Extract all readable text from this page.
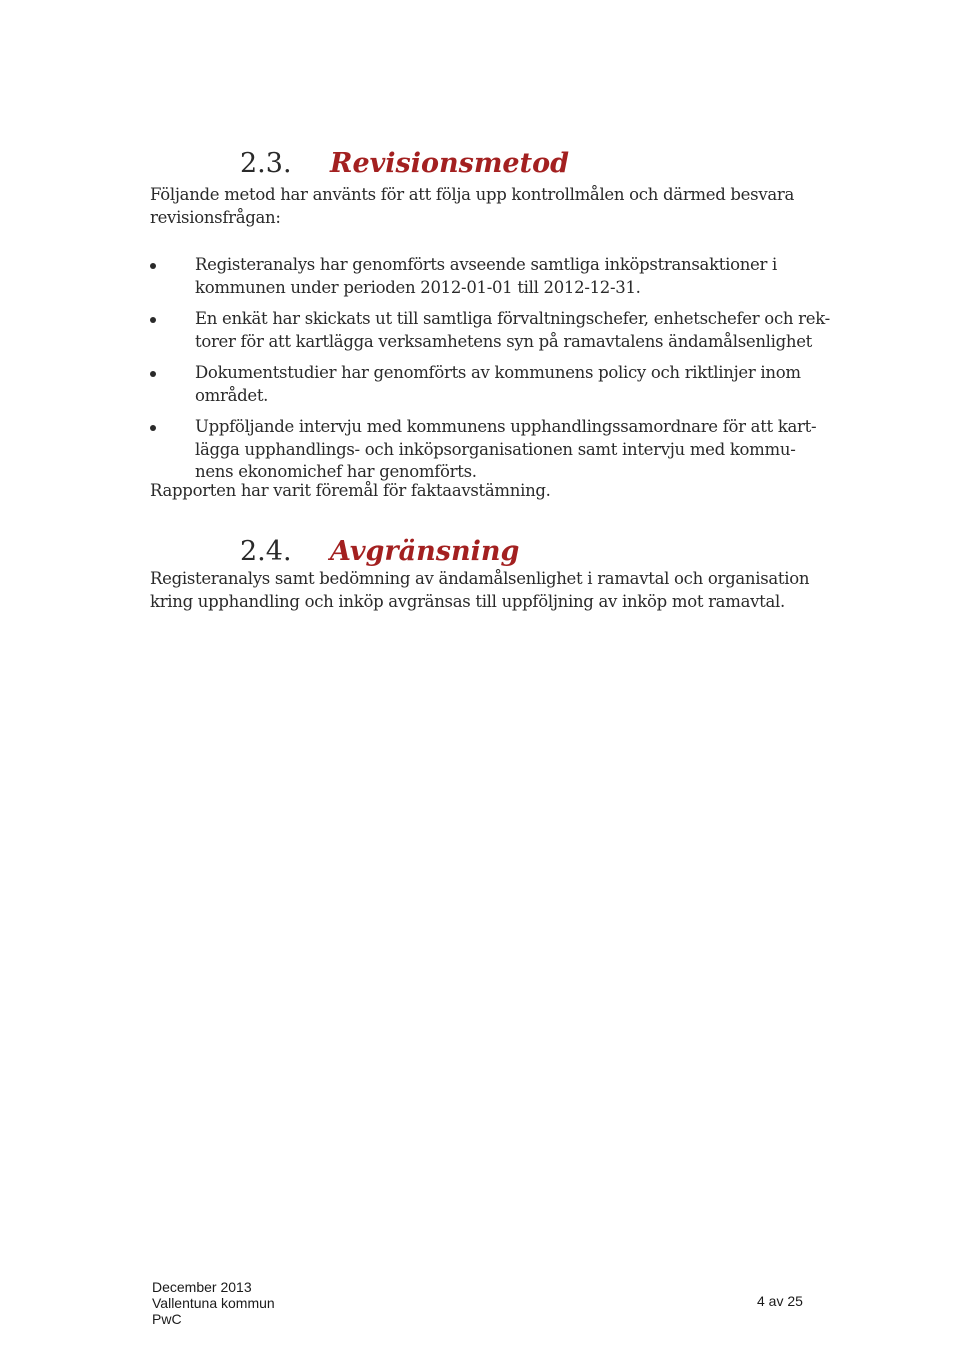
2.3. Revisionsmetod

Följande metod har använts för att följa upp kontrollmålen och därmed besvara revisionsfrågan:

Registeranalys har genomförts avseende samtliga inköpstransaktioner i kommunen under perioden 2012-01-01 till 2012-12-31.
En enkät har skickats ut till samtliga förvaltningschefer, enhetschefer och rek-torer för att kartlägga verksamhetens syn på ramavtalens ändamålsenlighet
Dokumentstudier har genomförts av kommunens policy och riktlinjer inom området.
Uppföljande intervju med kommunens upphandlingssamordnare för att kart-lägga upphandlings- och inköpsorganisationen samt intervju med kommu-nens ekonomichef har genomförts.

Rapporten har varit föremål för faktaavstämning.

2.4. Avgränsning

Registeranalys samt bedömning av ändamålsenlighet i ramavtal och organisation kring upphandling och inköp avgränsas till uppföljning av inköp mot ramavtal.

December 2013
Vallentuna kommun
PwC
4 av 25
